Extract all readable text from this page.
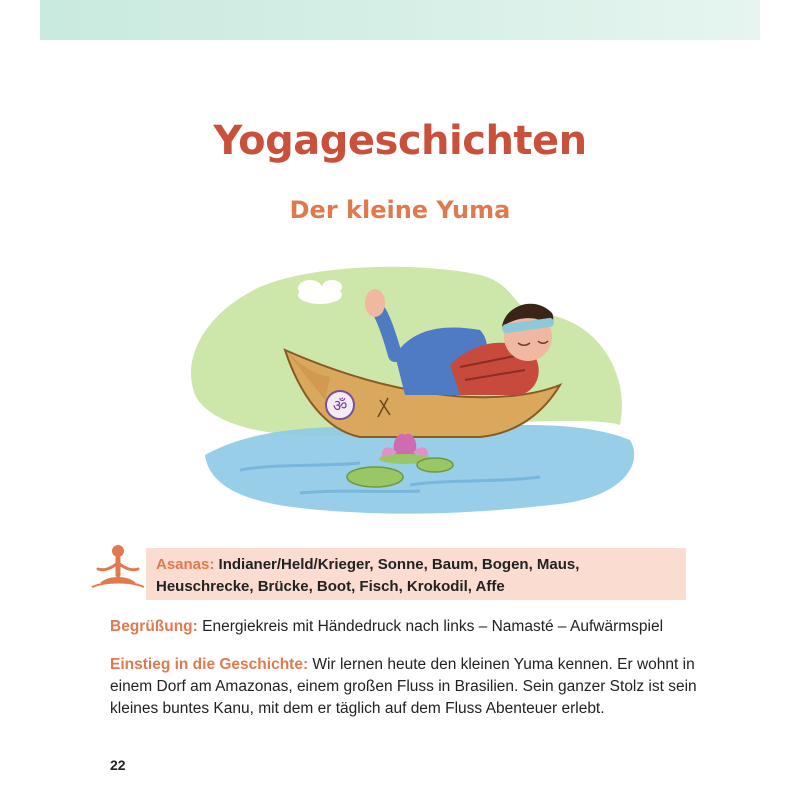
Yogageschichten
Der kleine Yuma
ॐ
Asanas: Indianer/Held/Krieger, Sonne, Baum, Bogen, Maus, Heuschrecke, Brücke, Boot, Fisch, Krokodil, Affe
Begrüßung: Energiekreis mit Händedruck nach links – Namasté – Aufwärmspiel
Einstieg in die Geschichte: Wir lernen heute den kleinen Yuma kennen. Er wohnt in einem Dorf am Amazonas, einem großen Fluss in Brasilien. Sein ganzer Stolz ist sein kleines buntes Kanu, mit dem er täglich auf dem Fluss Abenteuer erlebt.
22
